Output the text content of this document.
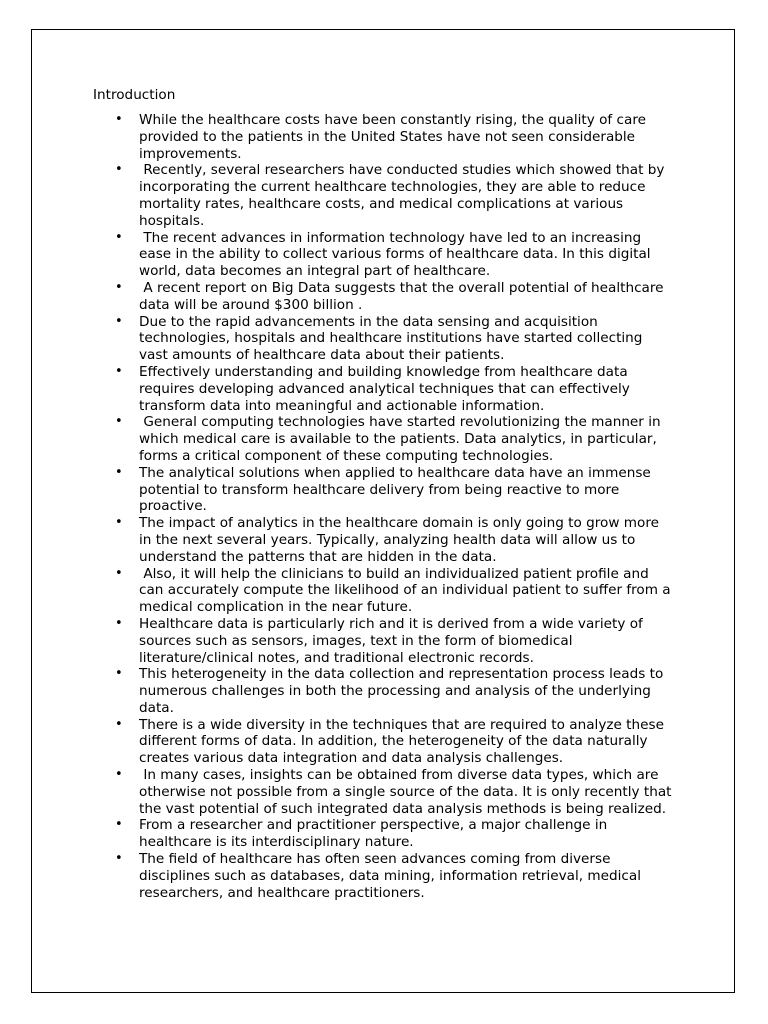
Introduction
• While the healthcare costs have been constantly rising, the quality of care provided to the patients in the United States have not seen considerable improvements.
• Recently, several researchers have conducted studies which showed that by incorporating the current healthcare technologies, they are able to reduce mortality rates, healthcare costs, and medical complications at various hospitals.
• The recent advances in information technology have led to an increasing ease in the ability to collect various forms of healthcare data. In this digital world, data becomes an integral part of healthcare.
• A recent report on Big Data suggests that the overall potential of healthcare data will be around $300 billion .
• Due to the rapid advancements in the data sensing and acquisition technologies, hospitals and healthcare institutions have started collecting vast amounts of healthcare data about their patients.
• Effectively understanding and building knowledge from healthcare data requires developing advanced analytical techniques that can effectively transform data into meaningful and actionable information.
• General computing technologies have started revolutionizing the manner in which medical care is available to the patients. Data analytics, in particular, forms a critical component of these computing technologies.
• The analytical solutions when applied to healthcare data have an immense potential to transform healthcare delivery from being reactive to more proactive.
• The impact of analytics in the healthcare domain is only going to grow more in the next several years. Typically, analyzing health data will allow us to understand the patterns that are hidden in the data.
• Also, it will help the clinicians to build an individualized patient profile and can accurately compute the likelihood of an individual patient to suffer from a medical complication in the near future.
• Healthcare data is particularly rich and it is derived from a wide variety of sources such as sensors, images, text in the form of biomedical literature/clinical notes, and traditional electronic records.
• This heterogeneity in the data collection and representation process leads to numerous challenges in both the processing and analysis of the underlying data.
• There is a wide diversity in the techniques that are required to analyze these different forms of data. In addition, the heterogeneity of the data naturally creates various data integration and data analysis challenges.
• In many cases, insights can be obtained from diverse data types, which are otherwise not possible from a single source of the data. It is only recently that the vast potential of such integrated data analysis methods is being realized.
• From a researcher and practitioner perspective, a major challenge in healthcare is its interdisciplinary nature.
• The field of healthcare has often seen advances coming from diverse disciplines such as databases, data mining, information retrieval, medical researchers, and healthcare practitioners.
